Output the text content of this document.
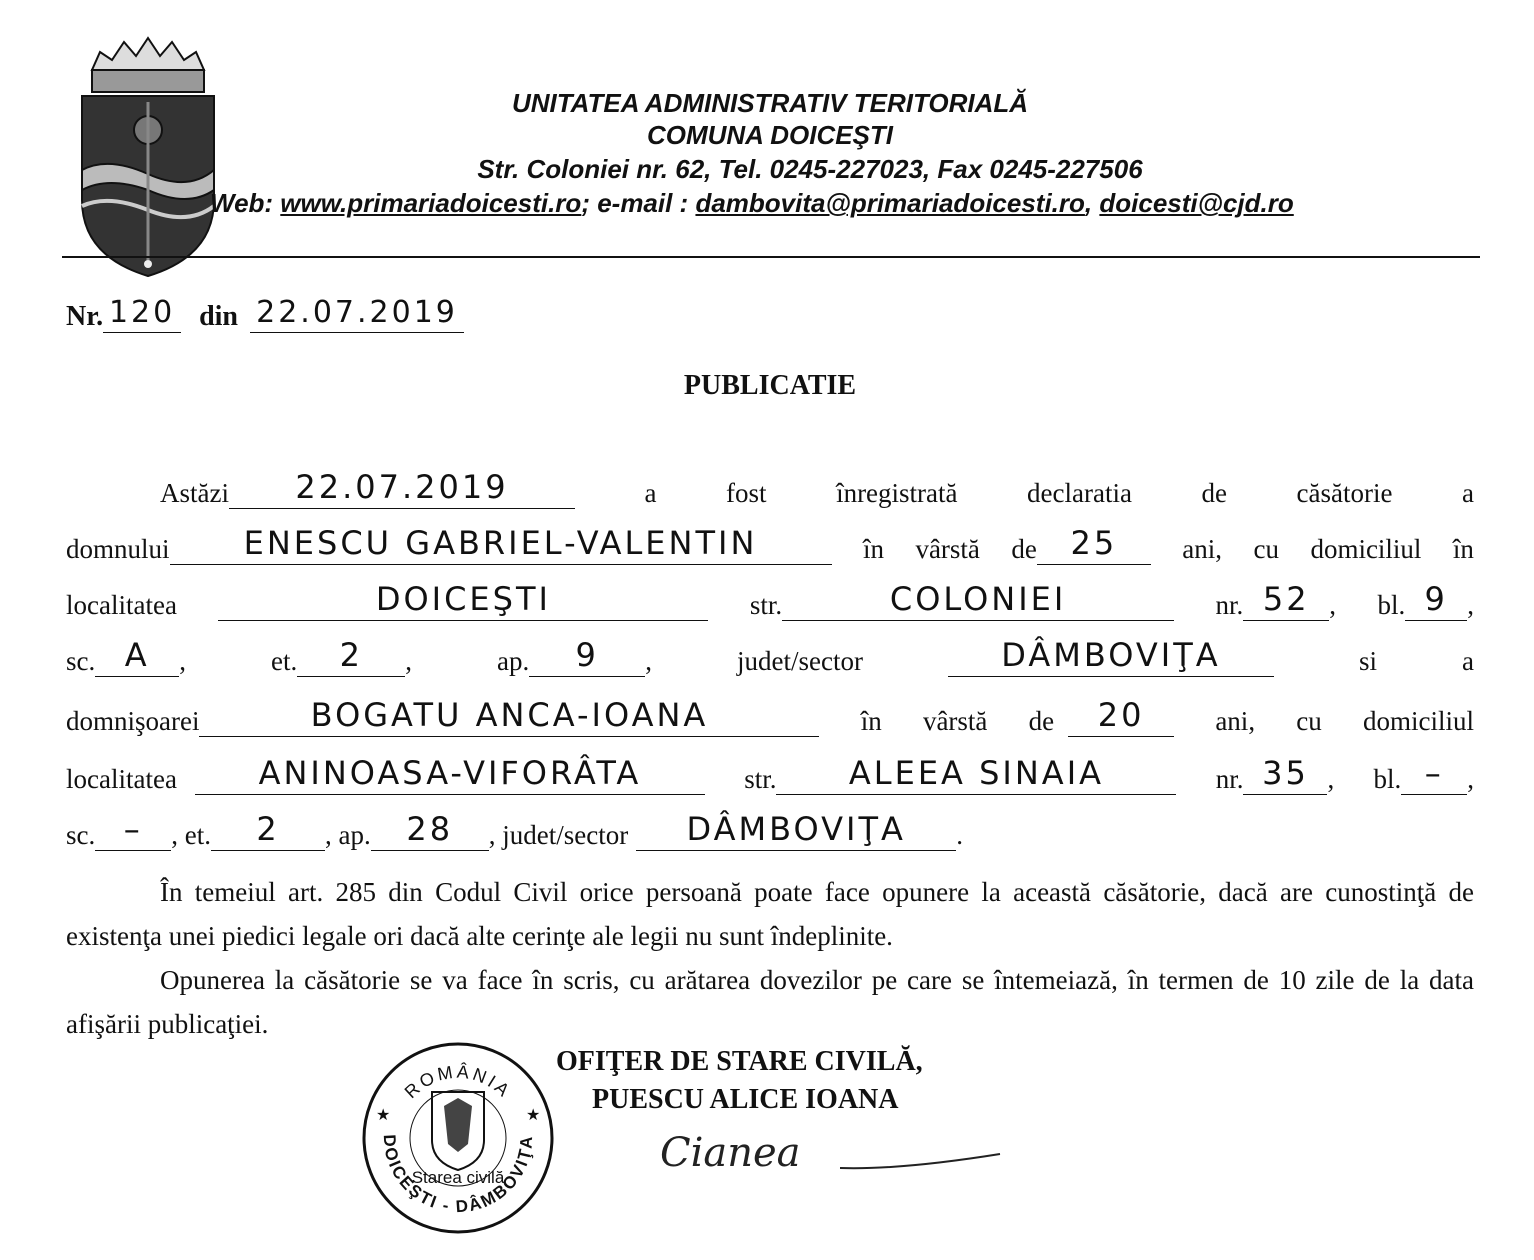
UNITATEA ADMINISTRATIV TERITORIALĂ
COMUNA DOICEŞTI
Str. Coloniei nr. 62, Tel. 0245-227023, Fax 0245-227506
Web: www.primariadoicesti.ro; e-mail : dambovita@primariadoicesti.ro, doicesti@cjd.ro
Nr. 120 din 22.07.2019
PUBLICATIE
Astăzi	22.07.2019	a	fost	înregistrată	declaratia	de	căsătorie	a
domnului	ENESCU GABRIEL-VALENTIN	în vârstă de	25	ani, cu domiciliul în
localitatea	DOICEŞTI	str.	COLONIEI	nr. 52 , bl. 9 ,
sc. A	,	et.	2	,	ap.	9	,	judet/sector	DÂMBOVIŢA	si	a
domnişoarei	BOGATU ANCA-IOANA	în vârstă de	20	ani, cu domiciliul
localitatea	ANINOASA-VIFORÂTA	str.	ALEEA SINAIA	nr. 35 , bl. – ,
sc. –	, et.	2	, ap.	28	, judet/sector	DÂMBOVIŢA	.
În temeiul art. 285 din Codul Civil orice persoană poate face opunere la această căsătorie, dacă are cunostinţă de existenţa unei piedici legale ori dacă alte cerinţe ale legii nu sunt îndeplinite.
Opunerea la căsătorie se va face în scris, cu arătarea dovezilor pe care se întemeiază, în termen de 10 zile de la data afişării publicaţiei.
ROMÂNIA
DOICEŞTI - DÂMBOVIŢA
★	★
Starea civilă
OFIŢER DE STARE CIVILĂ,
PUESCU ALICE IOANA
Cianea
